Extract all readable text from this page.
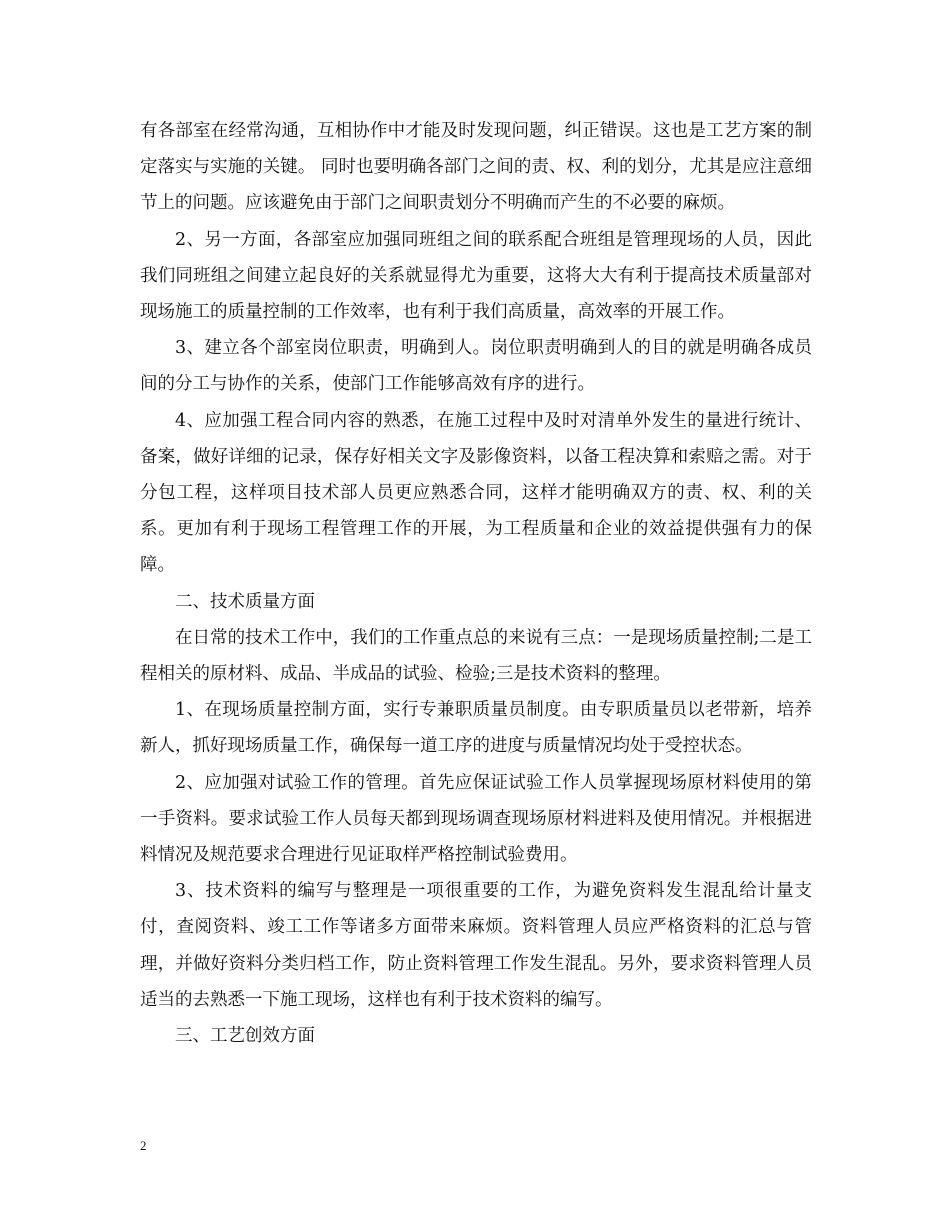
有各部室在经常沟通，互相协作中才能及时发现问题，纠正错误。这也是工艺方案的制定落实与实施的关键。 同时也要明确各部门之间的责、权、利的划分，尤其是应注意细节上的问题。应该避免由于部门之间职责划分不明确而产生的不必要的麻烦。

2、另一方面，各部室应加强同班组之间的联系配合班组是管理现场的人员，因此我们同班组之间建立起良好的关系就显得尤为重要，这将大大有利于提高技术质量部对现场施工的质量控制的工作效率，也有利于我们高质量，高效率的开展工作。

3、建立各个部室岗位职责，明确到人。岗位职责明确到人的目的就是明确各成员间的分工与协作的关系，使部门工作能够高效有序的进行。

4、应加强工程合同内容的熟悉，在施工过程中及时对清单外发生的量进行统计、备案，做好详细的记录，保存好相关文字及影像资料，以备工程决算和索赔之需。对于分包工程，这样项目技术部人员更应熟悉合同，这样才能明确双方的责、权、利的关系。更加有利于现场工程管理工作的开展，为工程质量和企业的效益提供强有力的保障。

二、技术质量方面

在日常的技术工作中，我们的工作重点总的来说有三点：一是现场质量控制;二是工程相关的原材料、成品、半成品的试验、检验;三是技术资料的整理。

1、在现场质量控制方面，实行专兼职质量员制度。由专职质量员以老带新，培养新人，抓好现场质量工作，确保每一道工序的进度与质量情况均处于受控状态。

2、应加强对试验工作的管理。首先应保证试验工作人员掌握现场原材料使用的第一手资料。要求试验工作人员每天都到现场调查现场原材料进料及使用情况。并根据进料情况及规范要求合理进行见证取样严格控制试验费用。

3、技术资料的编写与整理是一项很重要的工作，为避免资料发生混乱给计量支付，查阅资料、竣工工作等诸多方面带来麻烦。资料管理人员应严格资料的汇总与管理，并做好资料分类归档工作，防止资料管理工作发生混乱。另外，要求资料管理人员适当的去熟悉一下施工现场，这样也有利于技术资料的编写。

三、工艺创效方面

2
